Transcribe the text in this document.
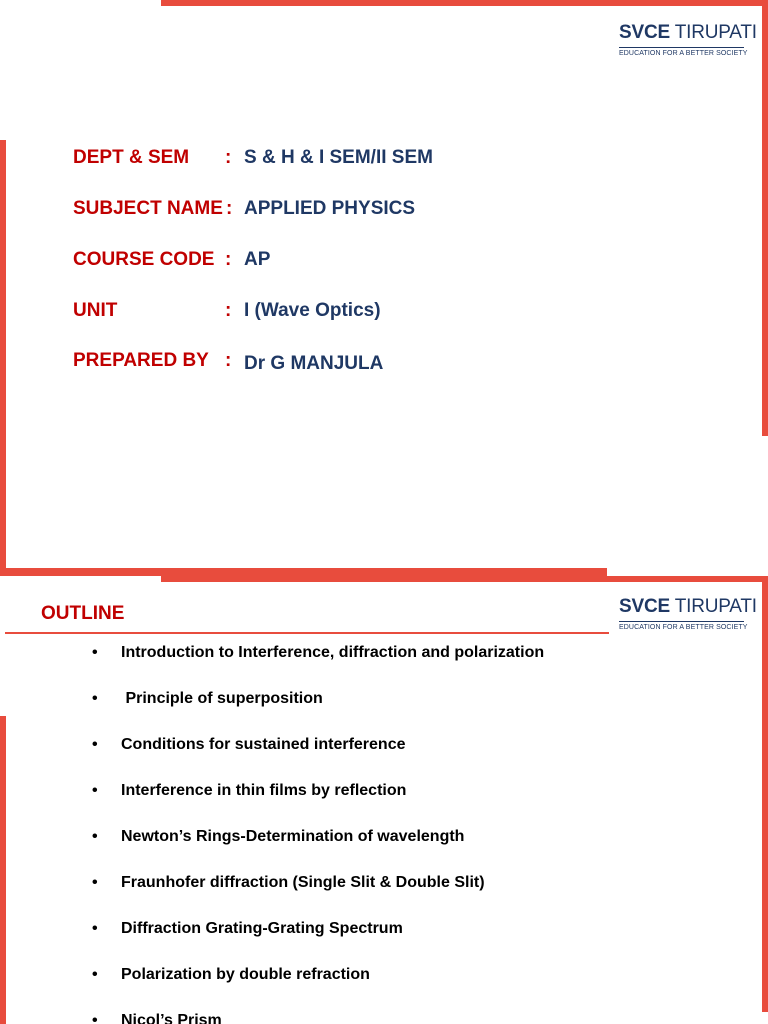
SVCE TIRUPATI
EDUCATION FOR A BETTER SOCIETY
DEPT & SEM : S & H & I SEM/II SEM
SUBJECT NAME : APPLIED PHYSICS
COURSE CODE : AP
UNIT	: I (Wave Optics)
PREPARED BY : Dr G MANJULA
OUTLINE	SVCE TIRUPATI
EDUCATION FOR A BETTER SOCIETY
• Introduction to Interference, diffraction and polarization
• Principle of superposition
• Conditions for sustained interference
• Interference in thin films by reflection
• Newton’s Rings-Determination of wavelength
• Fraunhofer diffraction (Single Slit & Double Slit)
• Diffraction Grating-Grating Spectrum
• Polarization by double refraction
• Nicol’s Prism
